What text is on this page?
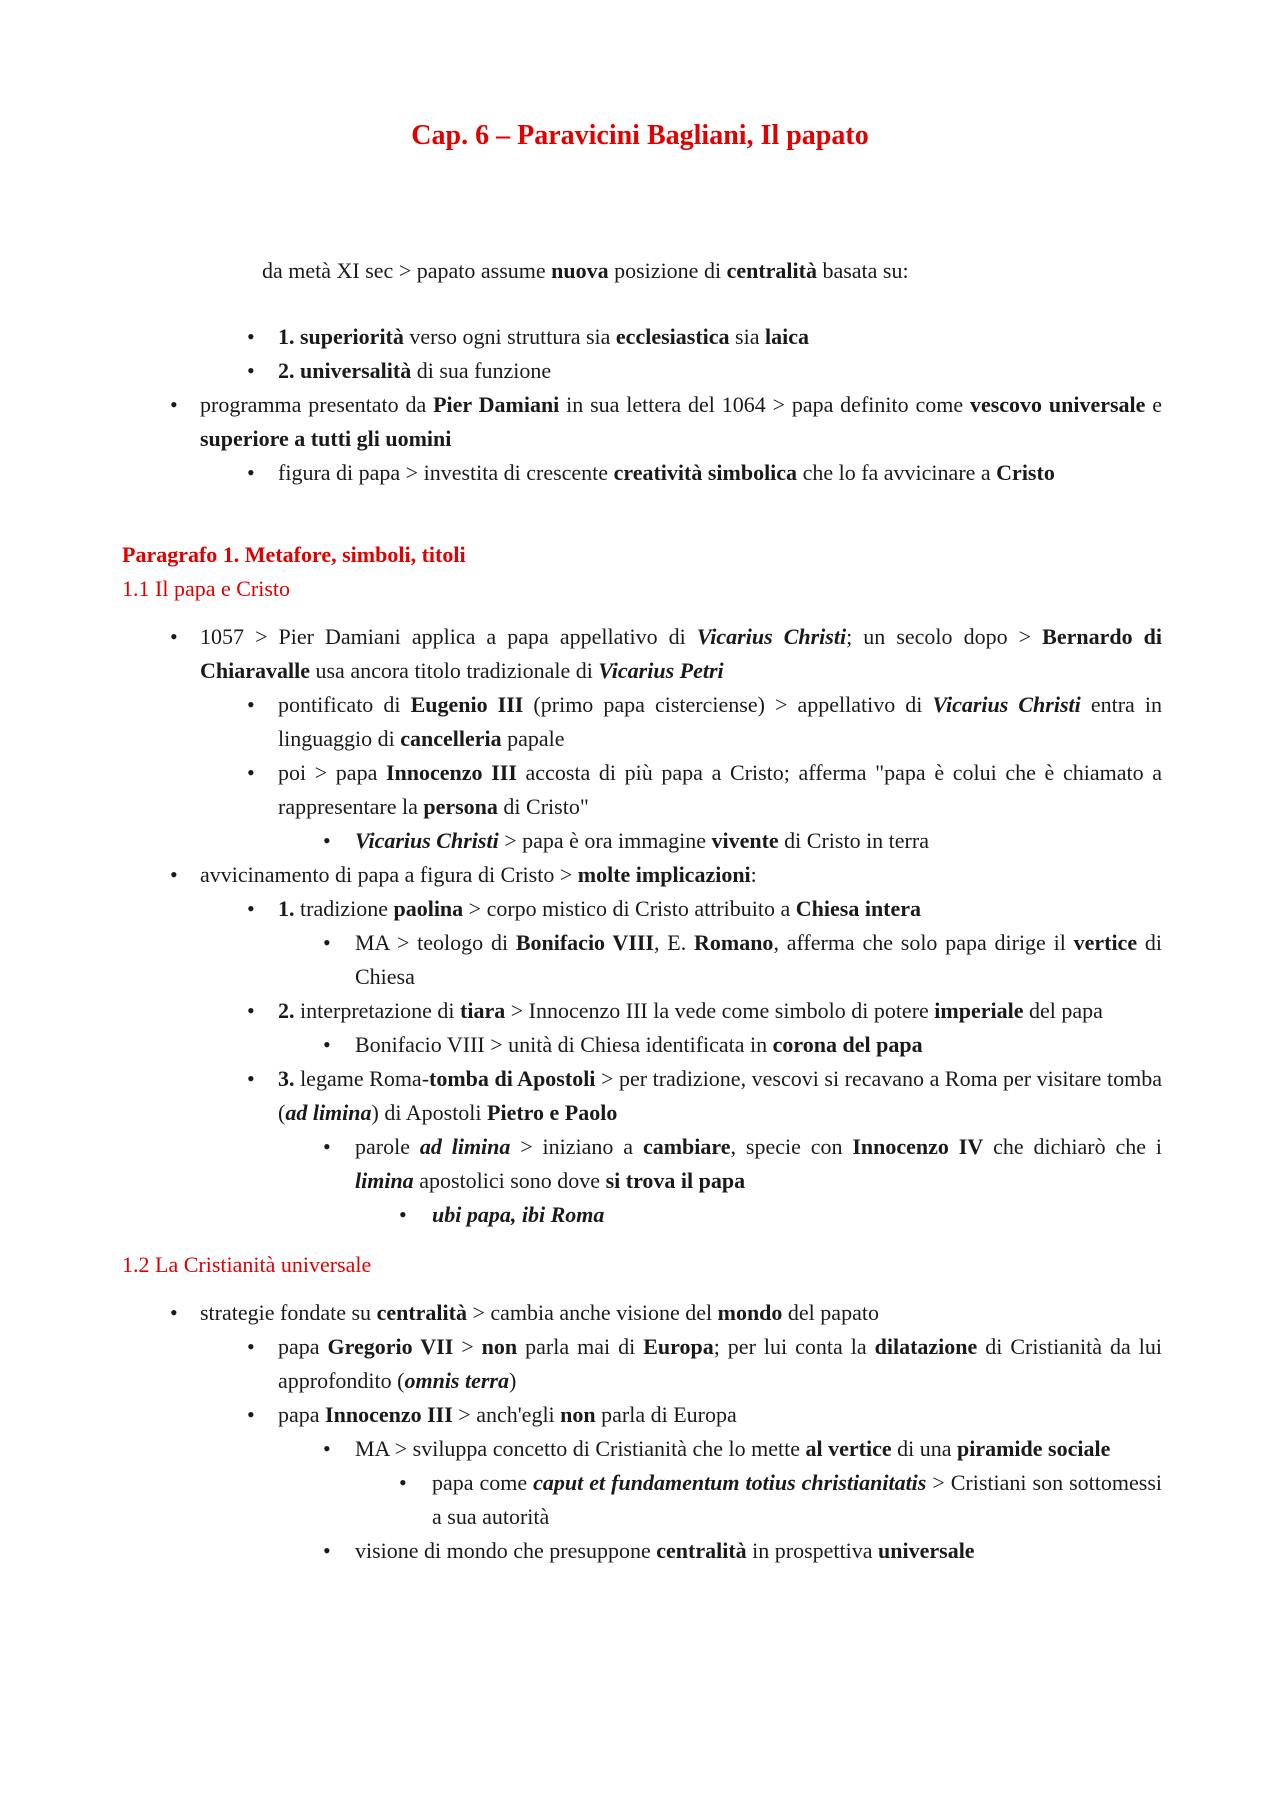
Cap. 6 – Paravicini Bagliani, Il papato
da metà XI sec > papato assume nuova posizione di centralità basata su:
• 1. superiorità verso ogni struttura sia ecclesiastica sia laica
• 2. universalità di sua funzione
• programma presentato da Pier Damiani in sua lettera del 1064 > papa definito come vescovo universale e superiore a tutti gli uomini
• figura di papa > investita di crescente creatività simbolica che lo fa avvicinare a Cristo
Paragrafo 1. Metafore, simboli, titoli
1.1 Il papa e Cristo
• 1057 > Pier Damiani applica a papa appellativo di Vicarius Christi; un secolo dopo > Bernardo di Chiaravalle usa ancora titolo tradizionale di Vicarius Petri
• pontificato di Eugenio III (primo papa cisterciense) > appellativo di Vicarius Christi entra in linguaggio di cancelleria papale
• poi > papa Innocenzo III accosta di più papa a Cristo; afferma "papa è colui che è chiamato a rappresentare la persona di Cristo"
• Vicarius Christi > papa è ora immagine vivente di Cristo in terra
• avvicinamento di papa a figura di Cristo > molte implicazioni:
• 1. tradizione paolina > corpo mistico di Cristo attribuito a Chiesa intera
• MA > teologo di Bonifacio VIII, E. Romano, afferma che solo papa dirige il vertice di Chiesa
• 2. interpretazione di tiara > Innocenzo III la vede come simbolo di potere imperiale del papa
• Bonifacio VIII > unità di Chiesa identificata in corona del papa
• 3. legame Roma-tomba di Apostoli > per tradizione, vescovi si recavano a Roma per visitare tomba (ad limina) di Apostoli Pietro e Paolo
• parole ad limina > iniziano a cambiare, specie con Innocenzo IV che dichiarò che i limina apostolici sono dove si trova il papa
• ubi papa, ibi Roma
1.2 La Cristianità universale
• strategie fondate su centralità > cambia anche visione del mondo del papato
• papa Gregorio VII > non parla mai di Europa; per lui conta la dilatazione di Cristianità da lui approfondito (omnis terra)
• papa Innocenzo III > anch'egli non parla di Europa
• MA > sviluppa concetto di Cristianità che lo mette al vertice di una piramide sociale
• papa come caput et fundamentum totius christianitatis > Cristiani son sottomessi a sua autorità
• visione di mondo che presuppone centralità in prospettiva universale
